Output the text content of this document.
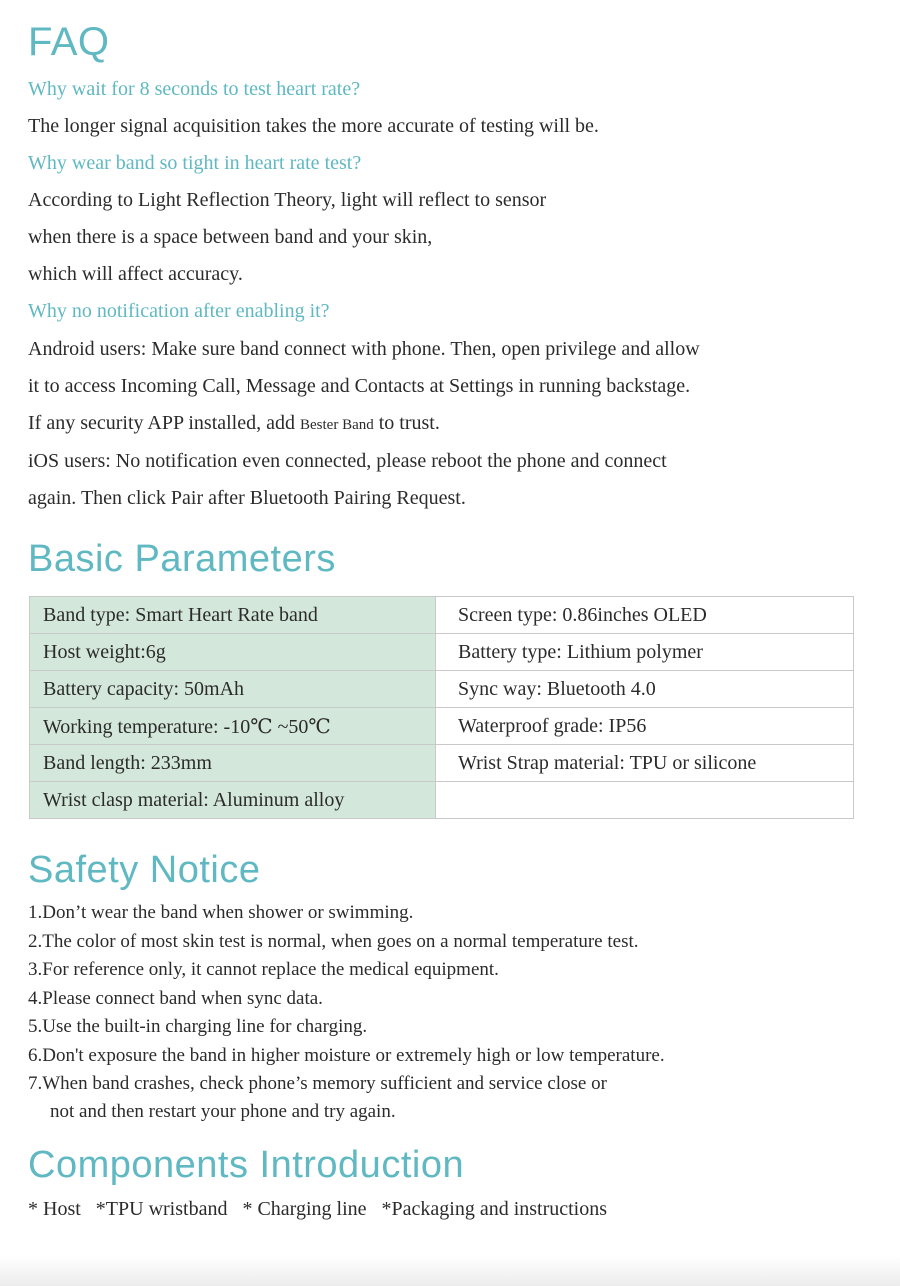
FAQ

Why wait for 8 seconds to test heart rate?

The longer signal acquisition takes the more accurate of testing will be.

Why wear band so tight in heart rate test?

According to Light Reflection Theory, light will reflect to sensor

when there is a space between band and your skin,

which will affect accuracy.

Why no notification after enabling it?

Android users: Make sure band connect with phone. Then, open privilege and allow

it to access Incoming Call, Message and Contacts at Settings in running backstage.

If any security APP installed, add Bester Band to trust.

iOS users: No notification even connected, please reboot the phone and connect

again. Then click Pair after Bluetooth Pairing Request.

Basic Parameters
Band type: Smart Heart Rate band	Screen type: 0.86inches OLED
Host weight:6g	Battery type: Lithium polymer
Battery capacity: 50mAh	Sync way: Bluetooth 4.0
Working temperature: -10℃ ~50℃	Waterproof grade: IP56
Band length: 233mm	Wrist Strap material: TPU or silicone
Wrist clasp material: Aluminum alloy	
Safety Notice

1.Don’t wear the band when shower or swimming.

2.The color of most skin test is normal, when goes on a normal temperature test.

3.For reference only, it cannot replace the medical equipment.

4.Please connect band when sync data.

5.Use the built-in charging line for charging.

6.Don't exposure the band in higher moisture or extremely high or low temperature.

7.When band crashes, check phone’s memory sufficient and service close or

not and then restart your phone and try again.

Components Introduction

* Host   *TPU wristband   * Charging line   *Packaging and instructions
